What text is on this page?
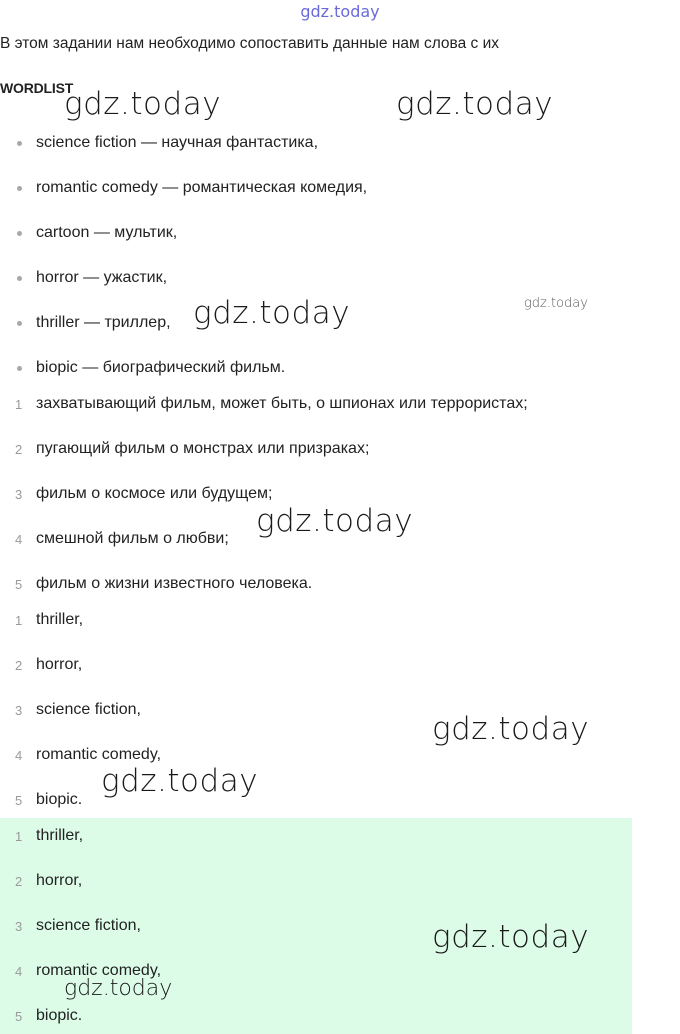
gdz.today
В этом задании нам необходимо сопоставить данные нам слова с их
WORDLIST
science fiction — научная фантастика,
romantic comedy — романтическая комедия,
cartoon — мультик,
horror — ужастик,
thriller — триллер,
biopic — биографический фильм.
1 захватывающий фильм, может быть, о шпионах или террористах;
2 пугающий фильм о монстрах или призраках;
3 фильм о космосе или будущем;
4 смешной фильм о любви;
5 фильм о жизни известного человека.
1 thriller,
2 horror,
3 science fiction,
4 romantic comedy,
5 biopic.
1 thriller,
2 horror,
3 science fiction,
4 romantic comedy,
5 biopic.
gdz.today	gdz.today
gdz.today
gdz.today
gdz.today
gdz.today
gdz.today
gdz.today
gdz.today
